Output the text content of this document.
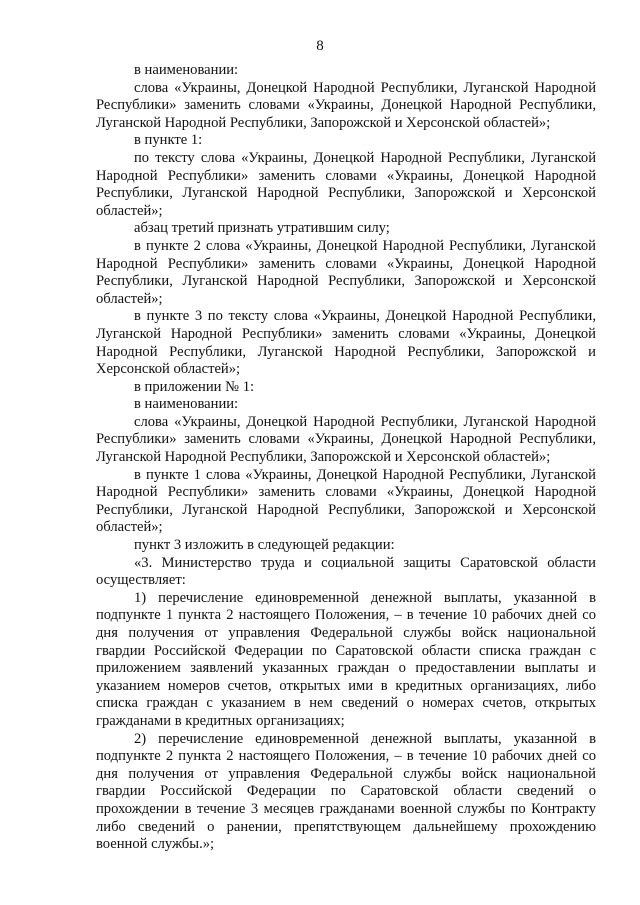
8

в наименовании:

слова «Украины, Донецкой Народной Республики, Луганской Народной Республики» заменить словами «Украины, Донецкой Народной Республики, Луганской Народной Республики, Запорожской и Херсонской областей»;

в пункте 1:

по тексту слова «Украины, Донецкой Народной Республики, Луганской Народной Республики» заменить словами «Украины, Донецкой Народной Республики, Луганской Народной Республики, Запорожской и Херсонской областей»;

абзац третий признать утратившим силу;

в пункте 2 слова «Украины, Донецкой Народной Республики, Луганской Народной Республики» заменить словами «Украины, Донецкой Народной Республики, Луганской Народной Республики, Запорожской и Херсонской областей»;

в пункте 3 по тексту слова «Украины, Донецкой Народной Республики, Луганской Народной Республики» заменить словами «Украины, Донецкой Народной Республики, Луганской Народной Республики, Запорожской и Херсонской областей»;

в приложении № 1:

в наименовании:

слова «Украины, Донецкой Народной Республики, Луганской Народной Республики» заменить словами «Украины, Донецкой Народной Республики, Луганской Народной Республики, Запорожской и Херсонской областей»;

в пункте 1 слова «Украины, Донецкой Народной Республики, Луганской Народной Республики» заменить словами «Украины, Донецкой Народной Республики, Луганской Народной Республики, Запорожской и Херсонской областей»;

пункт 3 изложить в следующей редакции:

«3. Министерство труда и социальной защиты Саратовской области осуществляет:

1) перечисление единовременной денежной выплаты, указанной в подпункте 1 пункта 2 настоящего Положения, – в течение 10 рабочих дней со дня получения от управления Федеральной службы войск национальной гвардии Российской Федерации по Саратовской области списка граждан с приложением заявлений указанных граждан о предоставлении выплаты и указанием номеров счетов, открытых ими в кредитных организациях, либо списка граждан с указанием в нем сведений о номерах счетов, открытых гражданами в кредитных организациях;

2) перечисление единовременной денежной выплаты, указанной в подпункте 2 пункта 2 настоящего Положения, – в течение 10 рабочих дней со дня получения от управления Федеральной службы войск национальной гвардии Российской Федерации по Саратовской области сведений о прохождении в течение 3 месяцев гражданами военной службы по Контракту либо сведений о ранении, препятствующем дальнейшему прохождению военной службы.»;
